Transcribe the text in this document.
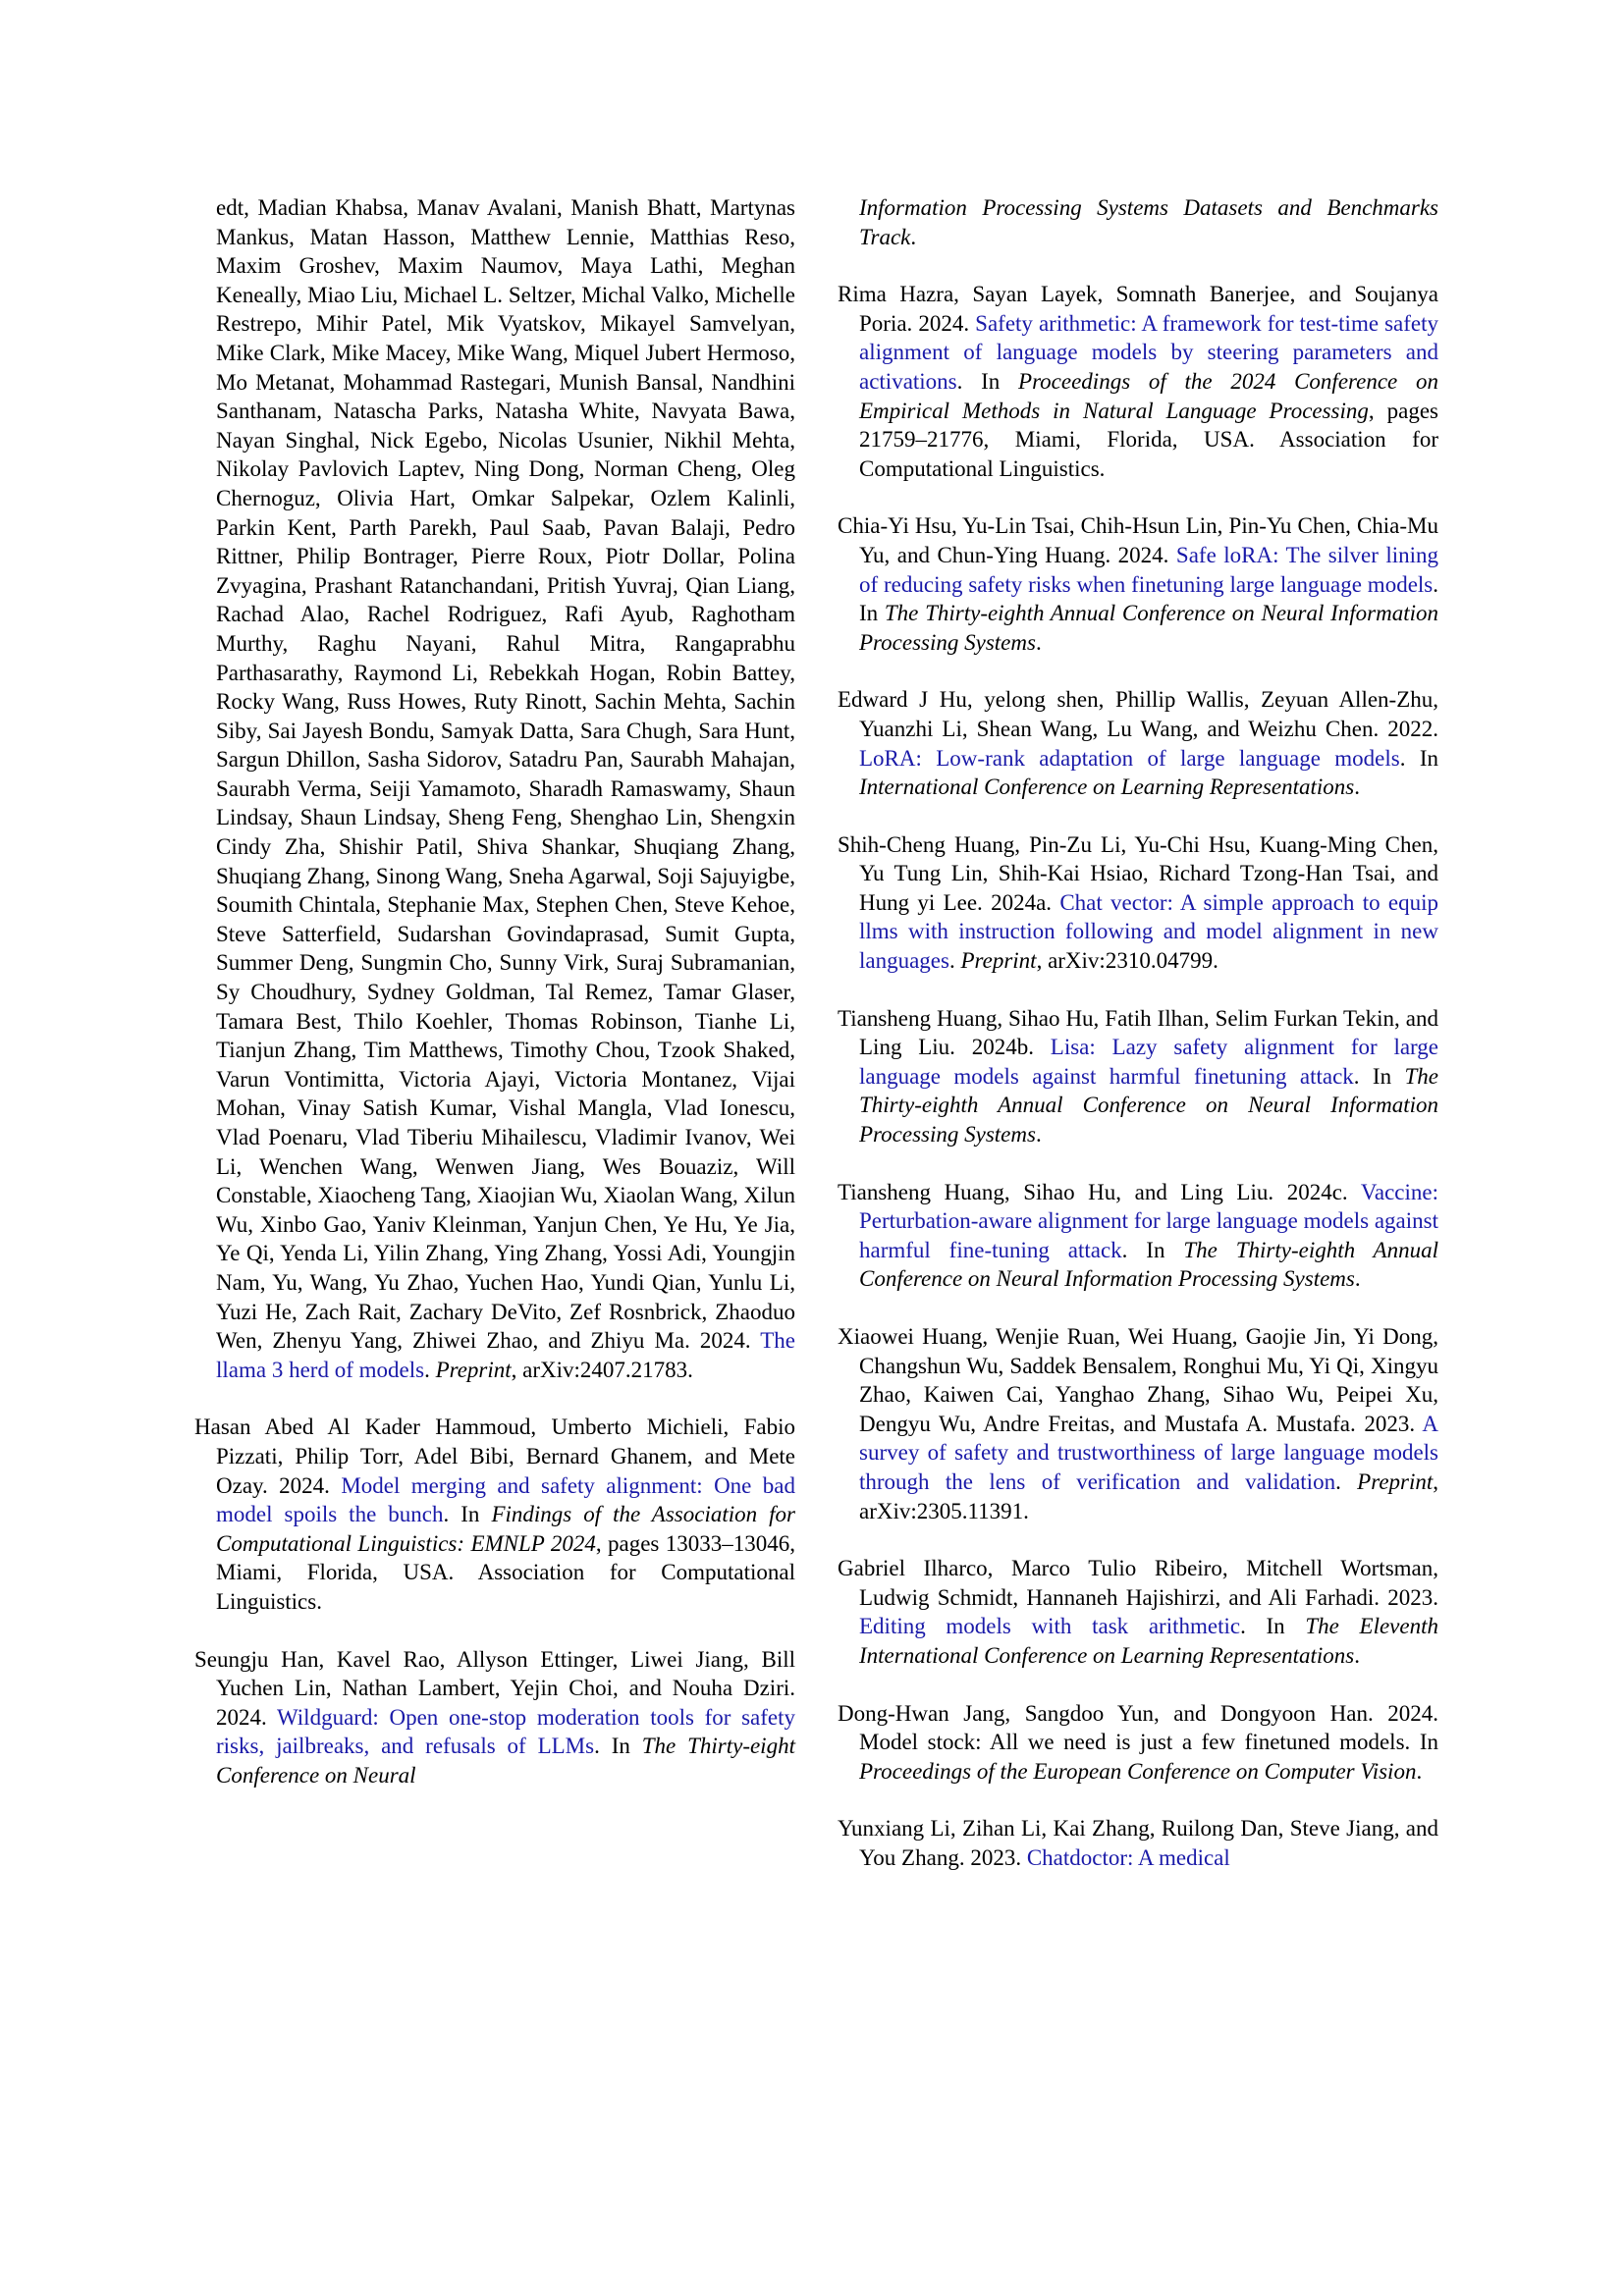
edt, Madian Khabsa, Manav Avalani, Manish Bhatt, Martynas Mankus, Matan Hasson, Matthew Lennie, Matthias Reso, Maxim Groshev, Maxim Naumov, Maya Lathi, Meghan Keneally, Miao Liu, Michael L. Seltzer, Michal Valko, Michelle Restrepo, Mihir Patel, Mik Vyatskov, Mikayel Samvelyan, Mike Clark, Mike Macey, Mike Wang, Miquel Jubert Hermoso, Mo Metanat, Mohammad Rastegari, Munish Bansal, Nandhini Santhanam, Natascha Parks, Natasha White, Navyata Bawa, Nayan Singhal, Nick Egebo, Nicolas Usunier, Nikhil Mehta, Nikolay Pavlovich Laptev, Ning Dong, Norman Cheng, Oleg Chernoguz, Olivia Hart, Omkar Salpekar, Ozlem Kalinli, Parkin Kent, Parth Parekh, Paul Saab, Pavan Balaji, Pedro Rittner, Philip Bontrager, Pierre Roux, Piotr Dollar, Polina Zvyagina, Prashant Ratanchandani, Pritish Yuvraj, Qian Liang, Rachad Alao, Rachel Rodriguez, Rafi Ayub, Raghotham Murthy, Raghu Nayani, Rahul Mitra, Rangaprabhu Parthasarathy, Raymond Li, Rebekkah Hogan, Robin Battey, Rocky Wang, Russ Howes, Ruty Rinott, Sachin Mehta, Sachin Siby, Sai Jayesh Bondu, Samyak Datta, Sara Chugh, Sara Hunt, Sargun Dhillon, Sasha Sidorov, Satadru Pan, Saurabh Mahajan, Saurabh Verma, Seiji Yamamoto, Sharadh Ramaswamy, Shaun Lindsay, Shaun Lindsay, Sheng Feng, Shenghao Lin, Shengxin Cindy Zha, Shishir Patil, Shiva Shankar, Shuqiang Zhang, Shuqiang Zhang, Sinong Wang, Sneha Agarwal, Soji Sajuyigbe, Soumith Chintala, Stephanie Max, Stephen Chen, Steve Kehoe, Steve Satterfield, Sudarshan Govindaprasad, Sumit Gupta, Summer Deng, Sungmin Cho, Sunny Virk, Suraj Subramanian, Sy Choudhury, Sydney Goldman, Tal Remez, Tamar Glaser, Tamara Best, Thilo Koehler, Thomas Robinson, Tianhe Li, Tianjun Zhang, Tim Matthews, Timothy Chou, Tzook Shaked, Varun Vontimitta, Victoria Ajayi, Victoria Montanez, Vijai Mohan, Vinay Satish Kumar, Vishal Mangla, Vlad Ionescu, Vlad Poenaru, Vlad Tiberiu Mihailescu, Vladimir Ivanov, Wei Li, Wenchen Wang, Wenwen Jiang, Wes Bouaziz, Will Constable, Xiaocheng Tang, Xiaojian Wu, Xiaolan Wang, Xilun Wu, Xinbo Gao, Yaniv Kleinman, Yanjun Chen, Ye Hu, Ye Jia, Ye Qi, Yenda Li, Yilin Zhang, Ying Zhang, Yossi Adi, Youngjin Nam, Yu, Wang, Yu Zhao, Yuchen Hao, Yundi Qian, Yunlu Li, Yuzi He, Zach Rait, Zachary DeVito, Zef Rosnbrick, Zhaoduo Wen, Zhenyu Yang, Zhiwei Zhao, and Zhiyu Ma. 2024. The llama 3 herd of models. Preprint, arXiv:2407.21783.

Hasan Abed Al Kader Hammoud, Umberto Michieli, Fabio Pizzati, Philip Torr, Adel Bibi, Bernard Ghanem, and Mete Ozay. 2024. Model merging and safety alignment: One bad model spoils the bunch. In Findings of the Association for Computational Linguistics: EMNLP 2024, pages 13033–13046, Miami, Florida, USA. Association for Computational Linguistics.

Seungju Han, Kavel Rao, Allyson Ettinger, Liwei Jiang, Bill Yuchen Lin, Nathan Lambert, Yejin Choi, and Nouha Dziri. 2024. Wildguard: Open one-stop moderation tools for safety risks, jailbreaks, and refusals of LLMs. In The Thirty-eight Conference on Neural

Information Processing Systems Datasets and Benchmarks Track.

Rima Hazra, Sayan Layek, Somnath Banerjee, and Soujanya Poria. 2024. Safety arithmetic: A framework for test-time safety alignment of language models by steering parameters and activations. In Proceedings of the 2024 Conference on Empirical Methods in Natural Language Processing, pages 21759–21776, Miami, Florida, USA. Association for Computational Linguistics.

Chia-Yi Hsu, Yu-Lin Tsai, Chih-Hsun Lin, Pin-Yu Chen, Chia-Mu Yu, and Chun-Ying Huang. 2024. Safe loRA: The silver lining of reducing safety risks when finetuning large language models. In The Thirty-eighth Annual Conference on Neural Information Processing Systems.

Edward J Hu, yelong shen, Phillip Wallis, Zeyuan Allen-Zhu, Yuanzhi Li, Shean Wang, Lu Wang, and Weizhu Chen. 2022. LoRA: Low-rank adaptation of large language models. In International Conference on Learning Representations.

Shih-Cheng Huang, Pin-Zu Li, Yu-Chi Hsu, Kuang-Ming Chen, Yu Tung Lin, Shih-Kai Hsiao, Richard Tzong-Han Tsai, and Hung yi Lee. 2024a. Chat vector: A simple approach to equip llms with instruction following and model alignment in new languages. Preprint, arXiv:2310.04799.

Tiansheng Huang, Sihao Hu, Fatih Ilhan, Selim Furkan Tekin, and Ling Liu. 2024b. Lisa: Lazy safety alignment for large language models against harmful finetuning attack. In The Thirty-eighth Annual Conference on Neural Information Processing Systems.

Tiansheng Huang, Sihao Hu, and Ling Liu. 2024c. Vaccine: Perturbation-aware alignment for large language models against harmful fine-tuning attack. In The Thirty-eighth Annual Conference on Neural Information Processing Systems.

Xiaowei Huang, Wenjie Ruan, Wei Huang, Gaojie Jin, Yi Dong, Changshun Wu, Saddek Bensalem, Ronghui Mu, Yi Qi, Xingyu Zhao, Kaiwen Cai, Yanghao Zhang, Sihao Wu, Peipei Xu, Dengyu Wu, Andre Freitas, and Mustafa A. Mustafa. 2023. A survey of safety and trustworthiness of large language models through the lens of verification and validation. Preprint, arXiv:2305.11391.

Gabriel Ilharco, Marco Tulio Ribeiro, Mitchell Wortsman, Ludwig Schmidt, Hannaneh Hajishirzi, and Ali Farhadi. 2023. Editing models with task arithmetic. In The Eleventh International Conference on Learning Representations.

Dong-Hwan Jang, Sangdoo Yun, and Dongyoon Han. 2024. Model stock: All we need is just a few finetuned models. In Proceedings of the European Conference on Computer Vision.

Yunxiang Li, Zihan Li, Kai Zhang, Ruilong Dan, Steve Jiang, and You Zhang. 2023. Chatdoctor: A medical
